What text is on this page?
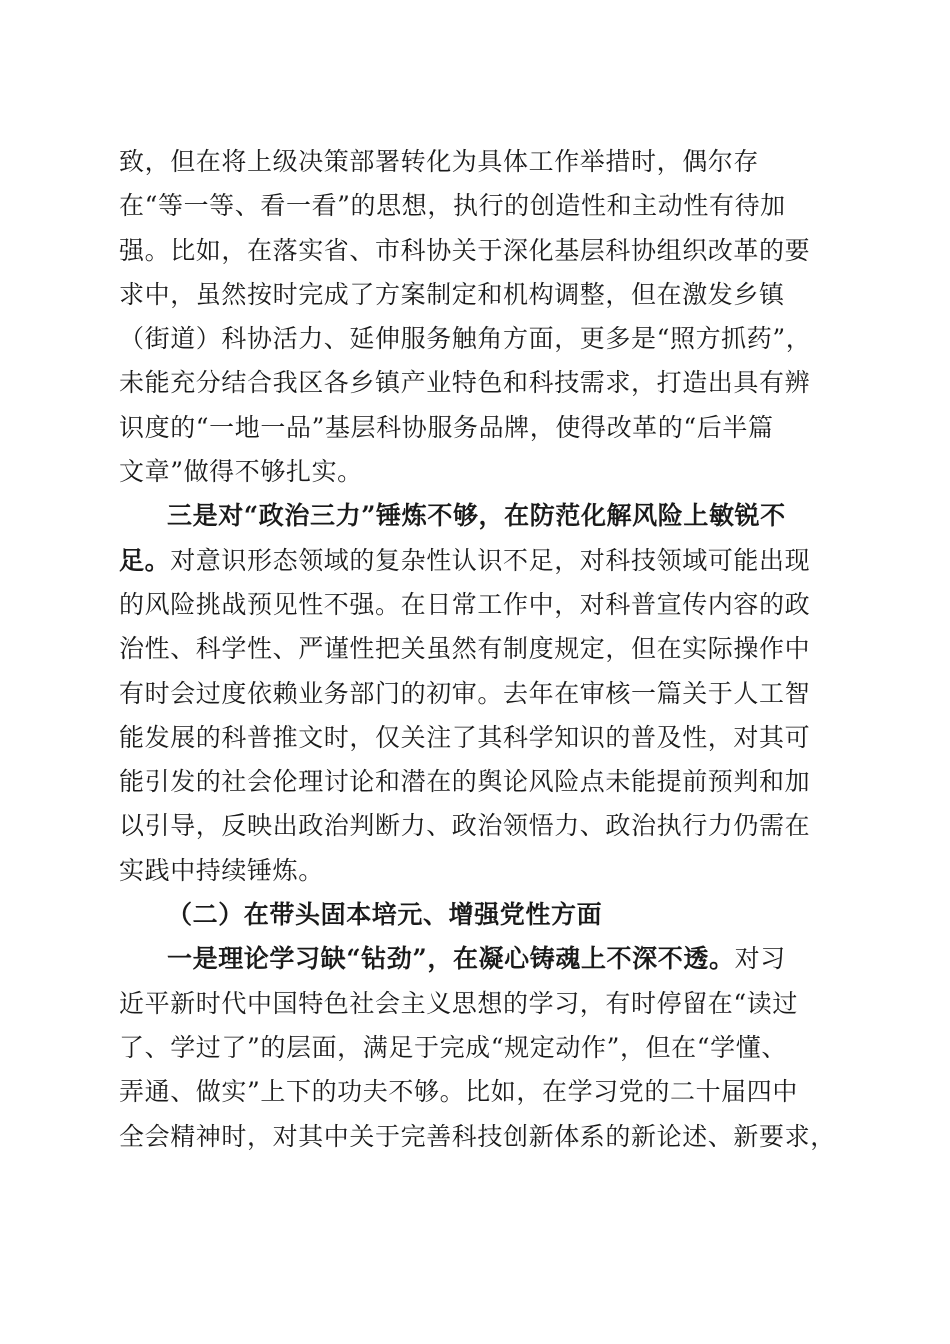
致，但在将上级决策部署转化为具体工作举措时，偶尔存
在“等一等、看一看”的思想，执行的创造性和主动性有待加
强。比如，在落实省、市科协关于深化基层科协组织改革的要
求中，虽然按时完成了方案制定和机构调整，但在激发乡镇
（街道）科协活力、延伸服务触角方面，更多是“照方抓药”，
未能充分结合我区各乡镇产业特色和科技需求，打造出具有辨
识度的“一地一品”基层科协服务品牌，使得改革的“后半篇
文章”做得不够扎实。
三是对“政治三力”锤炼不够，在防范化解风险上敏锐不
足。对意识形态领域的复杂性认识不足，对科技领域可能出现
的风险挑战预见性不强。在日常工作中，对科普宣传内容的政
治性、科学性、严谨性把关虽然有制度规定，但在实际操作中
有时会过度依赖业务部门的初审。去年在审核一篇关于人工智
能发展的科普推文时，仅关注了其科学知识的普及性，对其可
能引发的社会伦理讨论和潜在的舆论风险点未能提前预判和加
以引导，反映出政治判断力、政治领悟力、政治执行力仍需在
实践中持续锤炼。
（二）在带头固本培元、增强党性方面
一是理论学习缺“钻劲”，在凝心铸魂上不深不透。对习
近平新时代中国特色社会主义思想的学习，有时停留在“读过
了、学过了”的层面，满足于完成“规定动作”，但在“学懂、
弄通、做实”上下的功夫不够。比如，在学习党的二十届四中
全会精神时，对其中关于完善科技创新体系的新论述、新要求，
